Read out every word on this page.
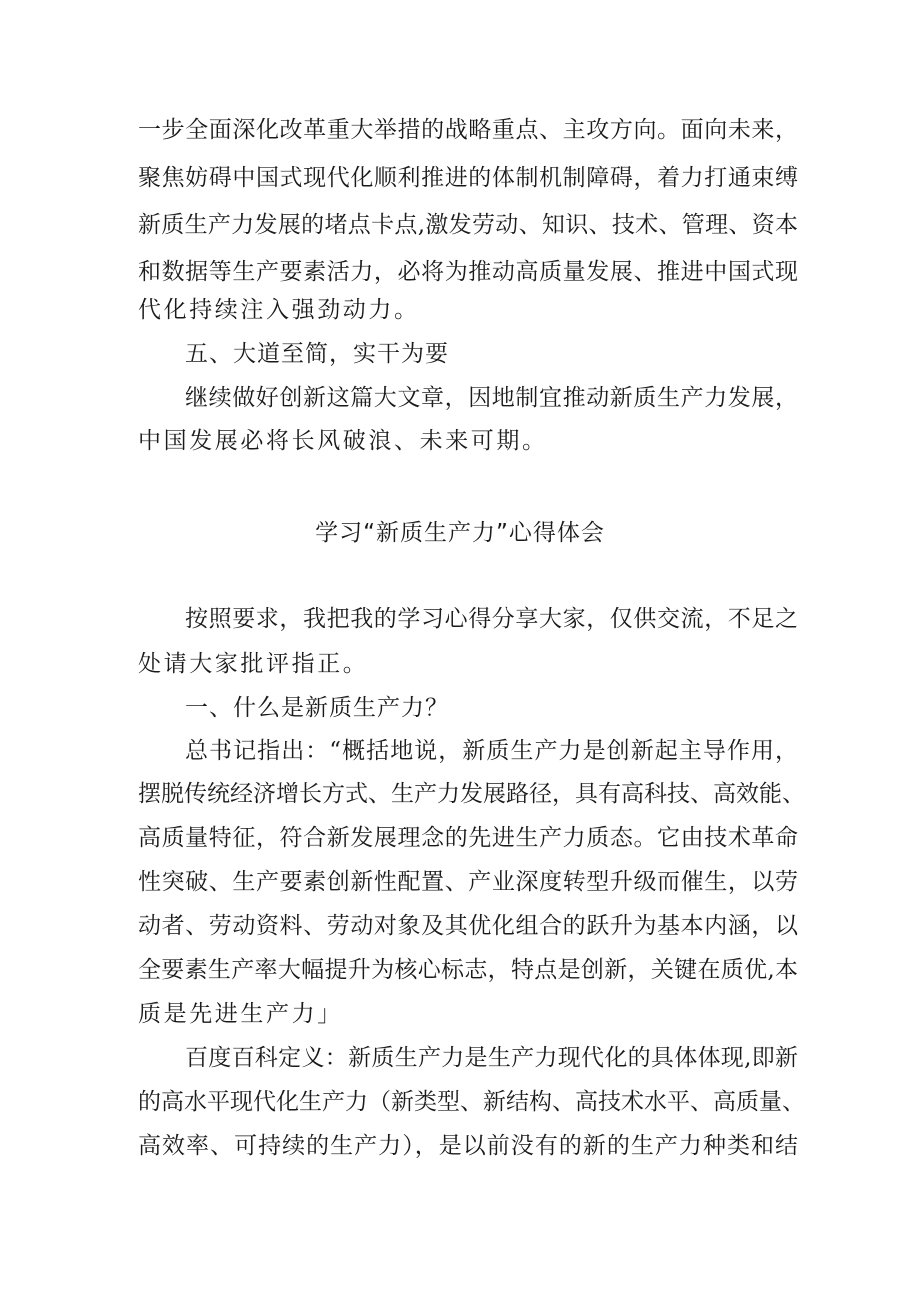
一步全面深化改革重大举措的战略重点、主攻方向。面向未来，
聚焦妨碍中国式现代化顺利推进的体制机制障碍，着力打通束缚
新质生产力发展的堵点卡点,激发劳动、知识、技术、管理、资本
和数据等生产要素活力，必将为推动高质量发展、推进中国式现
代化持续注入强劲动力。
五、大道至简，实干为要
继续做好创新这篇大文章，因地制宜推动新质生产力发展，
中国发展必将长风破浪、未来可期。
学习“新质生产力”心得体会
按照要求，我把我的学习心得分享大家，仅供交流，不足之
处请大家批评指正。
一、什么是新质生产力？
总书记指出：“概括地说，新质生产力是创新起主导作用，
摆脱传统经济增长方式、生产力发展路径，具有高科技、高效能、
高质量特征，符合新发展理念的先进生产力质态。它由技术革命
性突破、生产要素创新性配置、产业深度转型升级而催生，以劳
动者、劳动资料、劳动对象及其优化组合的跃升为基本内涵，以
全要素生产率大幅提升为核心标志，特点是创新，关键在质优,本
质是先进生产力」
百度百科定义：新质生产力是生产力现代化的具体体现,即新
的高水平现代化生产力（新类型、新结构、高技术水平、高质量、
高效率、可持续的生产力），是以前没有的新的生产力种类和结
